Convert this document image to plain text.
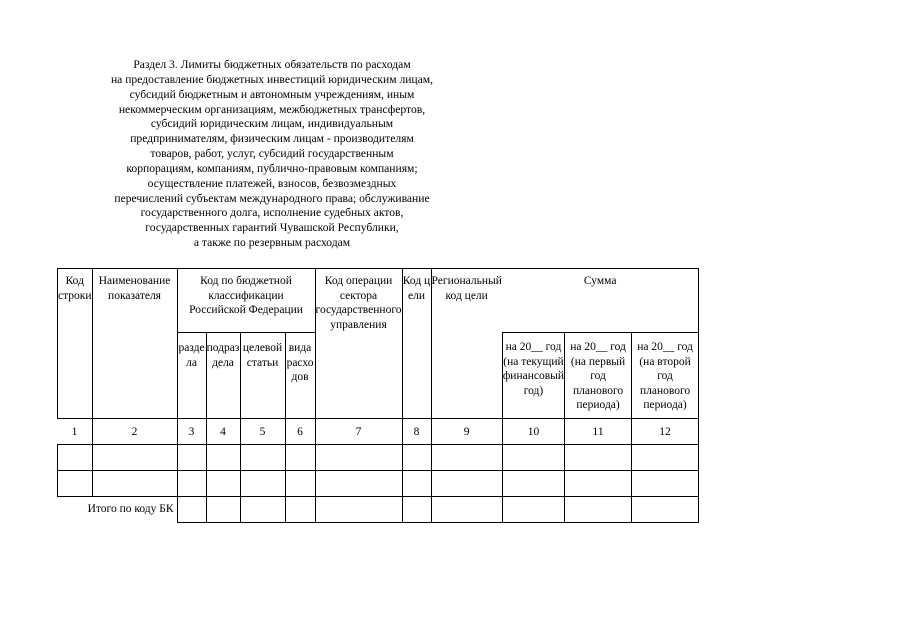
Раздел 3. Лимиты бюджетных обязательств по расходам
на предоставление бюджетных инвестиций юридическим лицам,
субсидий бюджетным и автономным учреждениям, иным
некоммерческим организациям, межбюджетных трансфертов,
субсидий юридическим лицам, индивидуальным
предпринимателям, физическим лицам - производителям
товаров, работ, услуг, субсидий государственным
корпорациям, компаниям, публично-правовым компаниям;
осуществление платежей, взносов, безвозмездных
перечислений субъектам международного права; обслуживание
государственного долга, исполнение судебных актов,
государственных гарантий Чувашской Республики,
а также по резервным расходам
Код строки	Наименование показателя	Код по бюджетной классификации Российской Федерации				Код операции сектора государственного управления	Код цели	Региональный код цели	Сумма		
		раздела	подраздела	целевой статьи	вида расходов				на 20__ год (на текущий финансовый год)	на 20__ год (на первый год планового периода)	на 20__ год (на второй год планового периода)
1	2	3	4	5	6	7	8	9	10	11	12

Итого по коду БК											
